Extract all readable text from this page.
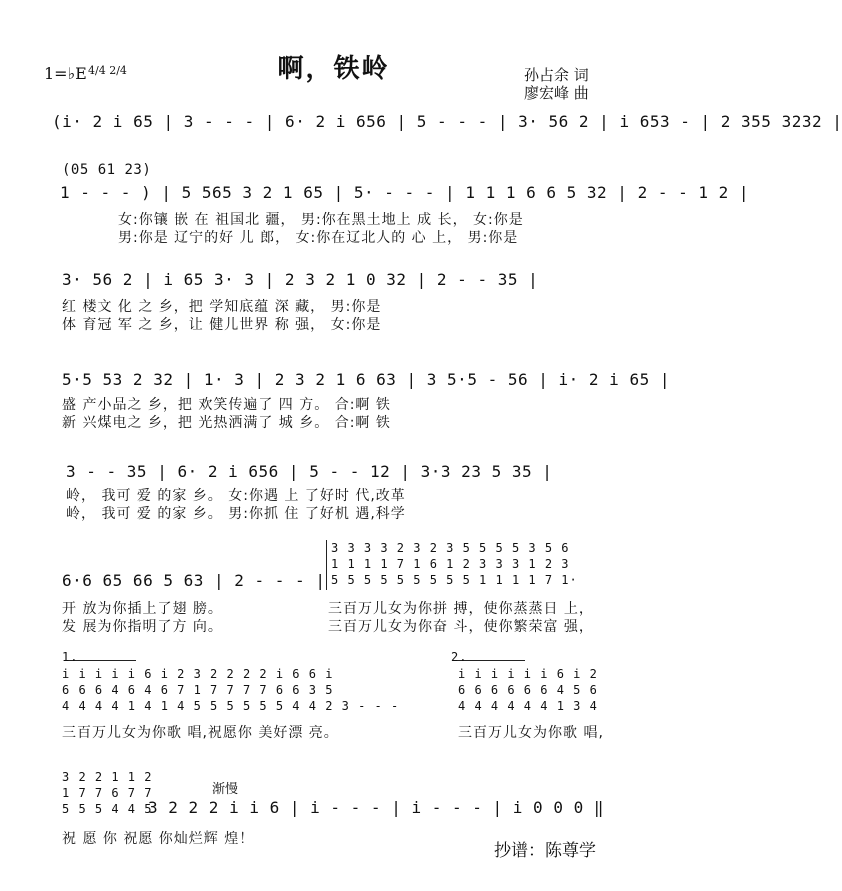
1=♭E 4/4 2/4	啊，铁岭	孙占余 词
廖宏峰 曲
(i· 2 i 65 | 3 - - - | 6· 2 i 656 | 5 - - - | 3· 56 2 | i 653 - | 2 355 3232 |
(05 61 23)
1 - - - ) | 5 565 3 2 1 65 | 5· - - - | 1 1 1 6 6 5 32 | 2 - - 1 2 |
女:你镶 嵌 在 祖国北 疆， 男:你在黑土地上 成 长， 女:你是
男:你是 辽宁的好 儿 郎， 女:你在辽北人的 心 上， 男:你是
3· 56 2 | i 65 3· 3 | 2 3 2 1 0 32 | 2 - - 35 |
红 楼文 化 之 乡，把 学知底蕴 深 藏， 男:你是
体 育冠 军 之 乡，让 健儿世界 称 强， 女:你是
5·5 53 2 32 | 1· 3 | 2 3 2 1 6 63 | 3 5·5 - 56 | i· 2 i 65 |
盛 产小品之 乡，把 欢笑传遍了 四 方。 合:啊 铁
新 兴煤电之 乡，把 光热洒满了 城 乡。 合:啊 铁
3 - - 35 | 6· 2 i 656 | 5 - - 12 | 3·3 23 5 35 |
岭， 我可 爱 的家 乡。 女:你遇 上 了好时 代,改革
岭， 我可 爱 的家 乡。 男:你抓 住 了好机 遇,科学
6·6 65 66 5 63 | 2 - - - |
3 3 3 3 2 3 2 3 5 5 5 5 3 5 6
1 1 1 1 7 1 6 1 2 3 3 3 1 2 3
5 5 5 5 5 5 5 5 5 1 1 1 1 7 1·
开 放为你插上了翅 膀。
发 展为你指明了方 向。
三百万儿女为你拼 搏，使你蒸蒸日 上，
三百万儿女为你奋 斗，使你繁荣富 强，
1.	2.
i i i i i 6 i 2 3 2 2 2 2 i 6 6 i
6 6 6 4 6 4 6 7 1 7 7 7 7 6 6 3 5
4 4 4 4 1 4 1 4 5 5 5 5 5 5 4 4 2 3 - - -
i i i i i i 6 i 2
6 6 6 6 6 6 4 5 6
4 4 4 4 4 4 1 3 4
三百万儿女为你歌 唱,祝愿你 美好漂 亮。	三百万儿女为你歌 唱,
3 2 2 1 1 2
1 7 7 6 7 7
5 5 5 4 4 5
渐慢
3 2 2 2 i i 6 | i - - - | i - - - | i 0 0 0 ‖
祝 愿 你 祝愿 你灿烂辉 煌！
抄谱：陈尊学
